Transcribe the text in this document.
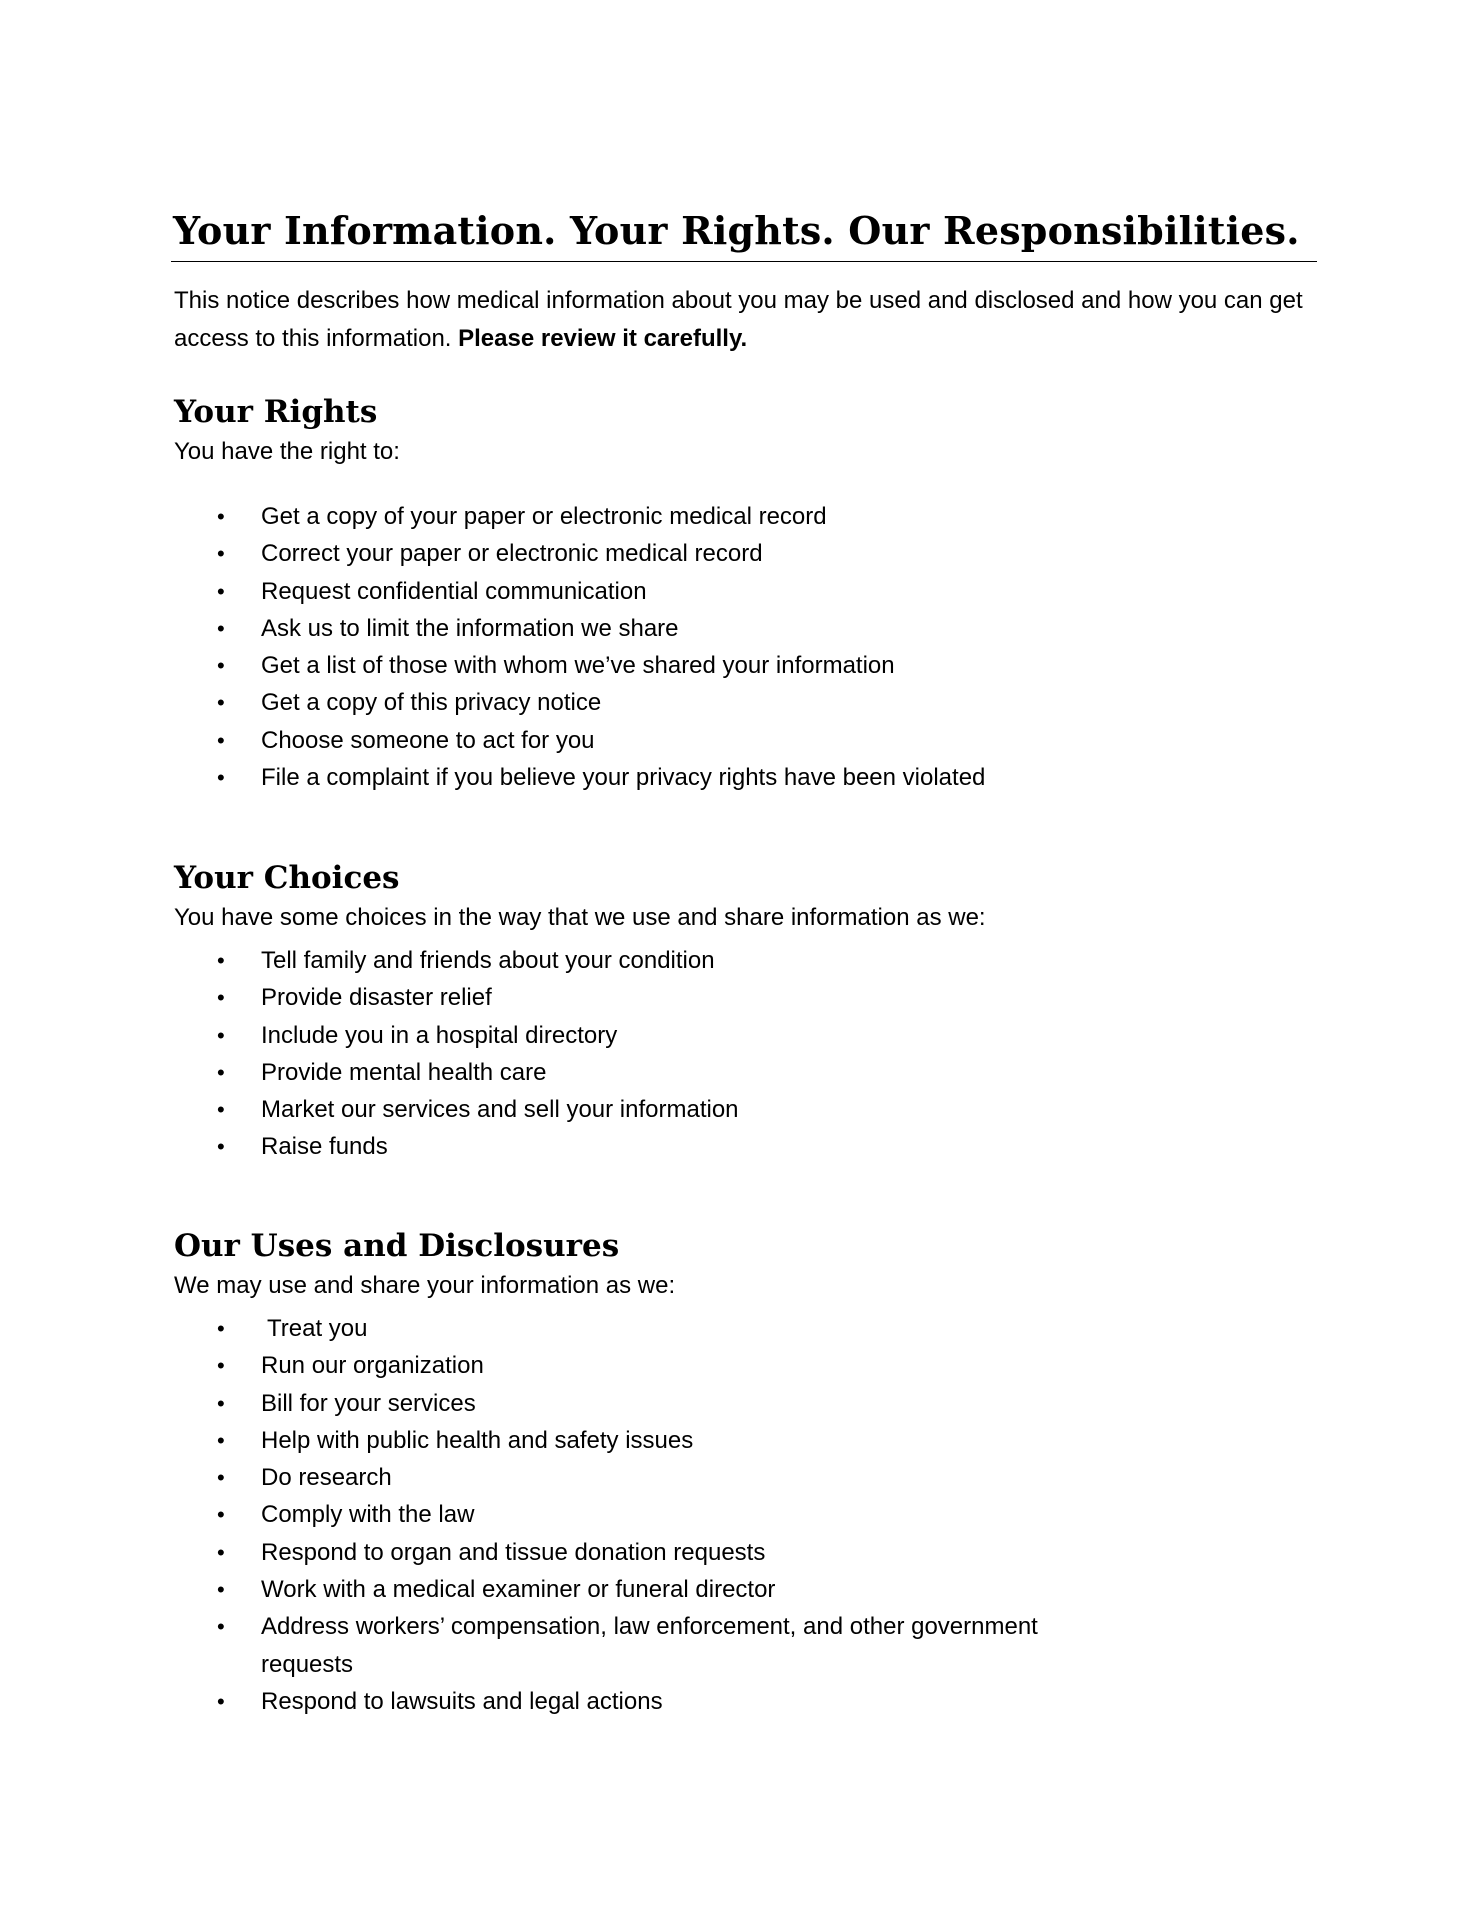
Your Information. Your Rights. Our Responsibilities.

This notice describes how medical information about you may be used and disclosed and how you can get access to this information. Please review it carefully.

Your Rights

You have the right to:

• Get a copy of your paper or electronic medical record
• Correct your paper or electronic medical record
• Request confidential communication
• Ask us to limit the information we share
• Get a list of those with whom we’ve shared your information
• Get a copy of this privacy notice
• Choose someone to act for you
• File a complaint if you believe your privacy rights have been violated
Your Choices

You have some choices in the way that we use and share information as we:

• Tell family and friends about your condition
• Provide disaster relief
• Include you in a hospital directory
• Provide mental health care
• Market our services and sell your information
• Raise funds
Our Uses and Disclosures

We may use and share your information as we:

• Treat you
• Run our organization
• Bill for your services
• Help with public health and safety issues
• Do research
• Comply with the law
• Respond to organ and tissue donation requests
• Work with a medical examiner or funeral director
• Address workers’ compensation, law enforcement, and other government requests
• Respond to lawsuits and legal actions
